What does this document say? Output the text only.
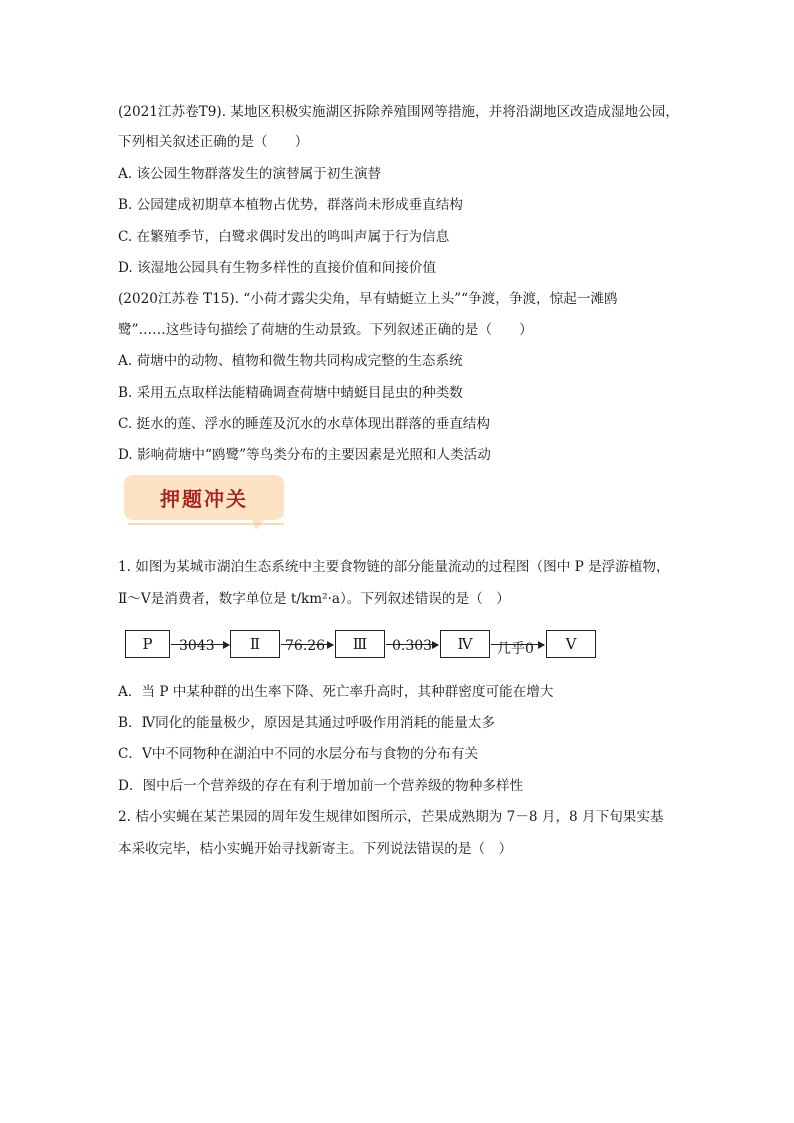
(2021江苏卷T9). 某地区积极实施湖区拆除养殖围网等措施，并将沿湖地区改造成湿地公园，
下列相关叙述正确的是（　　）
A. 该公园生物群落发生的演替属于初生演替
B. 公园建成初期草本植物占优势，群落尚未形成垂直结构
C. 在繁殖季节，白鹭求偶时发出的鸣叫声属于行为信息
D. 该湿地公园具有生物多样性的直接价值和间接价值
(2020江苏卷 T15). “小荷才露尖尖角，早有蜻蜓立上头”“争渡，争渡，惊起一滩鸥
鹭”……这些诗句描绘了荷塘的生动景致。下列叙述正确的是（　　）
A. 荷塘中的动物、植物和微生物共同构成完整的生态系统
B. 采用五点取样法能精确调查荷塘中蜻蜓目昆虫的种类数
C. 挺水的莲、浮水的睡莲及沉水的水草体现出群落的垂直结构
D. 影响荷塘中“鸥鹭”等鸟类分布的主要因素是光照和人类活动
押题冲关
1. 如图为某城市湖泊生态系统中主要食物链的部分能量流动的过程图（图中 P 是浮游植物，
Ⅱ～Ⅴ是消费者，数字单位是 t/km²·a）。下列叙述错误的是（　）
P	3043	Ⅱ	76.26	Ⅲ	0.303	Ⅳ	几乎0	Ⅴ
A．当 P 中某种群的出生率下降、死亡率升高时，其种群密度可能在增大
B．Ⅳ同化的能量极少，原因是其通过呼吸作用消耗的能量太多
C．Ⅴ中不同物种在湖泊中不同的水层分布与食物的分布有关
D．图中后一个营养级的存在有利于增加前一个营养级的物种多样性
2. 桔小实蝇在某芒果园的周年发生规律如图所示，芒果成熟期为 7－8 月，8 月下旬果实基
本采收完毕，桔小实蝇开始寻找新寄主。下列说法错误的是（　）
